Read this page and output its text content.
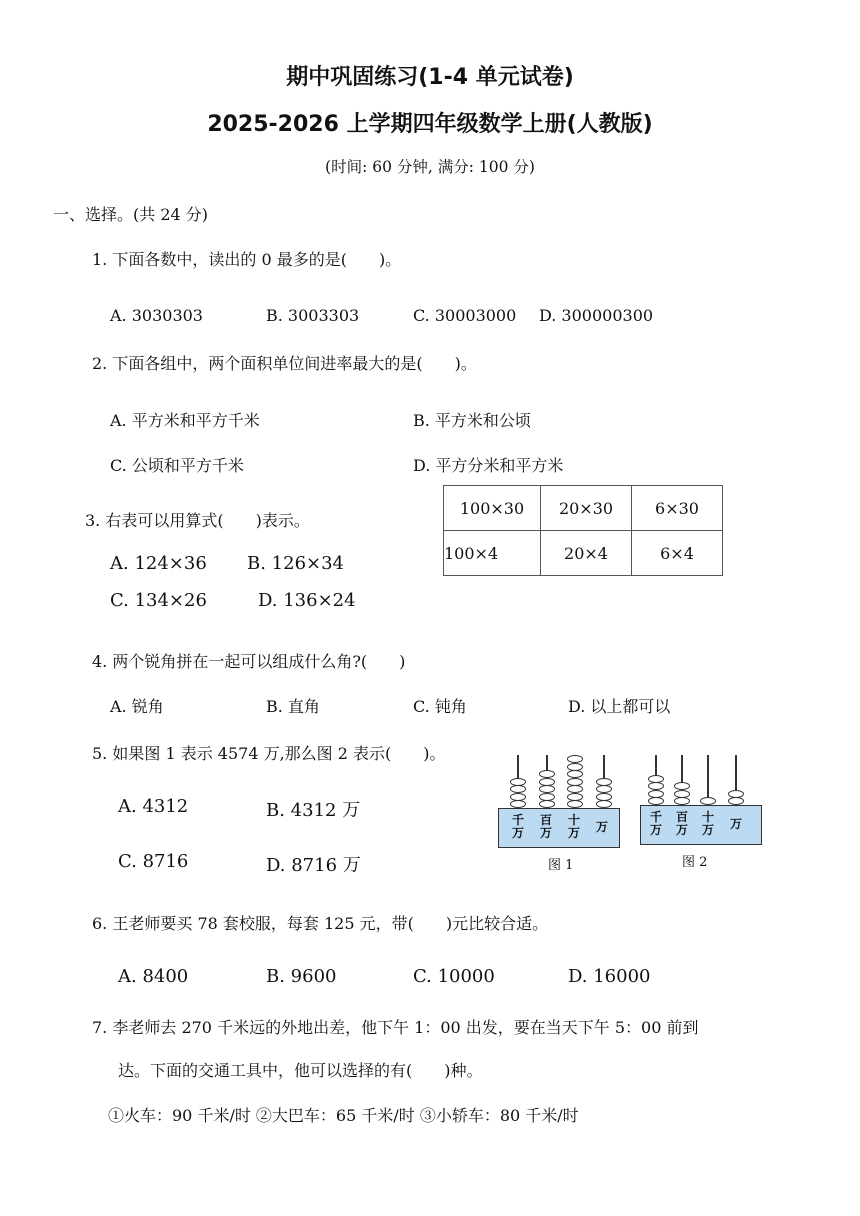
期中巩固练习(1-4 单元试卷)
2025-2026 上学期四年级数学上册(人教版)
(时间: 60 分钟, 满分: 100 分)
一、选择。(共 24 分)
1. 下面各数中，读出的 0 最多的是(　　)。
A. 3030303	B. 3003303	C. 30003000 D. 300000300
2. 下面各组中，两个面积单位间进率最大的是(　　)。
A. 平方米和平方千米	B. 平方米和公顷
C. 公顷和平方千米	D. 平方分米和平方米
3. 右表可以用算式(　　)表示。
A. 124×36 B. 126×34
C. 134×26	D. 136×24
100×30	20×30	6×30
100×4	20×4	6×4
4. 两个锐角拼在一起可以组成什么角?(　　)
A. 锐角	B. 直角	C. 钝角	D. 以上都可以
5. 如果图 1 表示 4574 万,那么图 2 表示(　　)。
A. 4312	B. 4312 万
C. 8716	D. 8716 万
千万
百万
十万 万
图 1
千万
百万
十万 万
图 2
6. 王老师要买 78 套校服，每套 125 元，带(　　)元比较合适。
A. 8400	B. 9600	C. 10000	D. 16000
7. 李老师去 270 千米远的外地出差，他下午 1：00 出发，要在当天下午 5：00 前到
达。下面的交通工具中，他可以选择的有(　　)种。
①火车：90 千米/时 ②大巴车：65 千米/时 ③小轿车：80 千米/时
